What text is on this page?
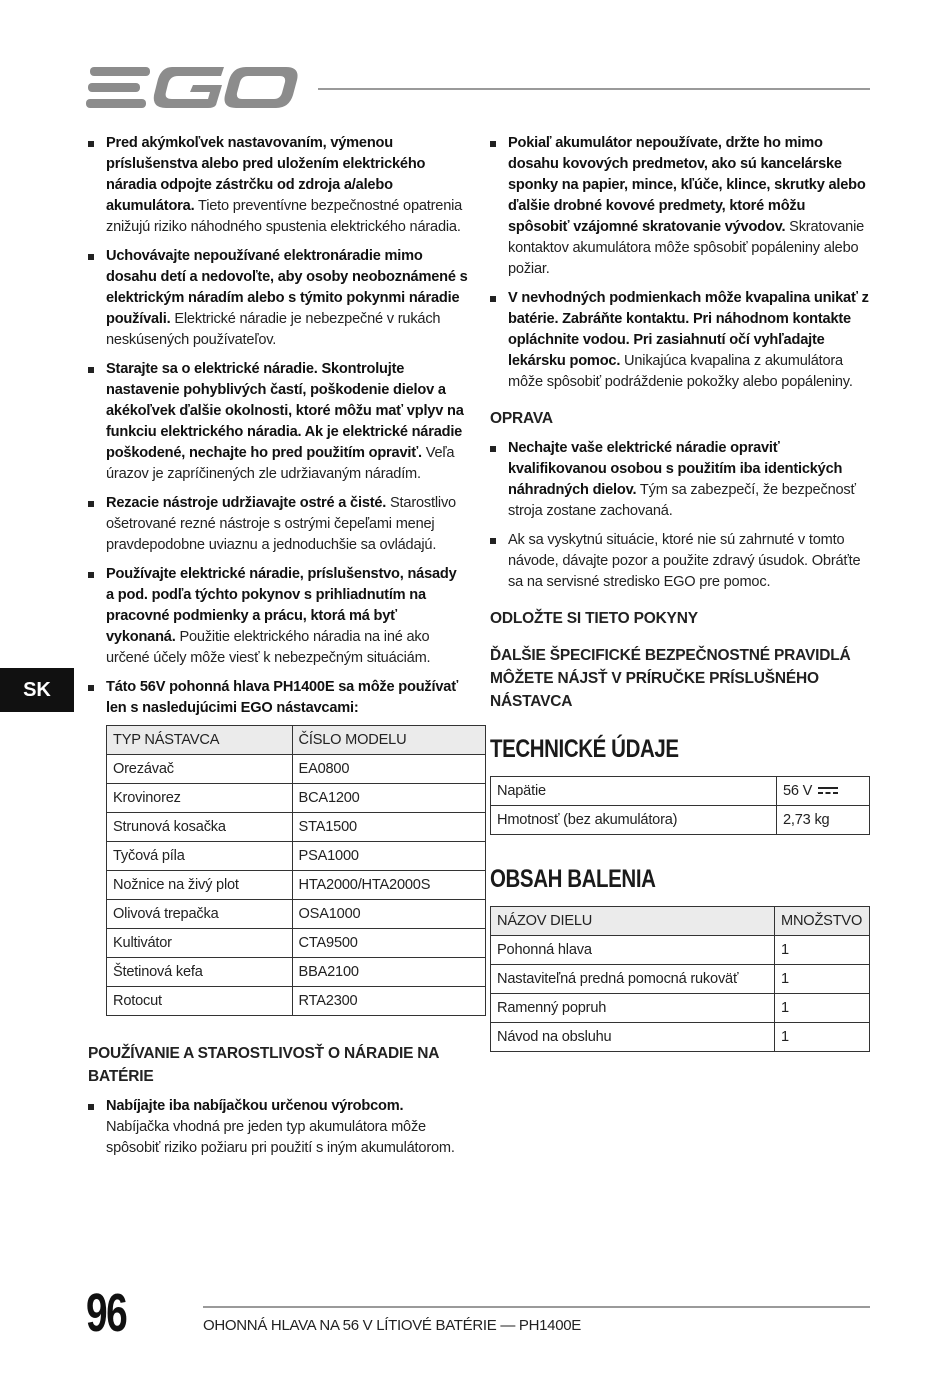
SK
Pred akýmkoľvek nastavovaním, výmenou príslušenstva alebo pred uložením elektrického náradia odpojte zástrčku od zdroja a/alebo akumulátora. Tieto preventívne bezpečnostné opatrenia znižujú riziko náhodného spustenia elektrického náradia.
Uchovávajte nepoužívané elektronáradie mimo dosahu detí a nedovoľte, aby osoby neoboznámené s elektrickým náradím alebo s týmito pokynmi náradie používali. Elektrické náradie je nebezpečné v rukách neskúsených používateľov.
Starajte sa o elektrické náradie. Skontrolujte nastavenie pohyblivých častí, poškodenie dielov a akékoľvek ďalšie okolnosti, ktoré môžu mať vplyv na funkciu elektrického náradia. Ak je elektrické náradie poškodené, nechajte ho pred použitím opraviť. Veľa úrazov je zapríčinených zle udržiavaným náradím.
Rezacie nástroje udržiavajte ostré a čisté. Starostlivo ošetrované rezné nástroje s ostrými čepeľami menej pravdepodobne uviaznu a jednoduchšie sa ovládajú.
Používajte elektrické náradie, príslušenstvo, násady a pod. podľa týchto pokynov s prihliadnutím na pracovné podmienky a prácu, ktorá má byť vykonaná. Použitie elektrického náradia na iné ako určené účely môže viesť k nebezpečným situáciám.
Táto 56V pohonná hlava PH1400E sa môže používať len s nasledujúcimi EGO nástavcami:
TYP NÁSTAVCA	ČÍSLO MODELU
Orezávač	EA0800
Krovinorez	BCA1200
Strunová kosačka	STA1500
Tyčová píla	PSA1000
Nožnice na živý plot	HTA2000/HTA2000S
Olivová trepačka	OSA1000
Kultivátor	CTA9500
Štetinová kefa	BBA2100
Rotocut	RTA2300
POUŽÍVANIE A STAROSTLIVOSŤ O NÁRADIE NA BATÉRIE
Nabíjajte iba nabíjačkou určenou výrobcom. Nabíjačka vhodná pre jeden typ akumulátora môže spôsobiť riziko požiaru pri použití s iným akumulátorom.
Pokiaľ akumulátor nepoužívate, držte ho mimo dosahu kovových predmetov, ako sú kancelárske sponky na papier, mince, kľúče, klince, skrutky alebo ďalšie drobné kovové predmety, ktoré môžu spôsobiť vzájomné skratovanie vývodov. Skratovanie kontaktov akumulátora môže spôsobiť popáleniny alebo požiar.
V nevhodných podmienkach môže kvapalina unikať z batérie. Zabráňte kontaktu. Pri náhodnom kontakte opláchnite vodou. Pri zasiahnutí očí vyhľadajte lekársku pomoc. Unikajúca kvapalina z akumulátora môže spôsobiť podráždenie pokožky alebo popáleniny.
OPRAVA
Nechajte vaše elektrické náradie opraviť kvalifikovanou osobou s použitím iba identických náhradných dielov. Tým sa zabezpečí, že bezpečnosť stroja zostane zachovaná.
Ak sa vyskytnú situácie, ktoré nie sú zahrnuté v tomto návode, dávajte pozor a použite zdravý úsudok. Obráťte sa na servisné stredisko EGO pre pomoc.
ODLOŽTE SI TIETO POKYNY
ĎALŠIE ŠPECIFICKÉ BEZPEČNOSTNÉ PRAVIDLÁ MÔŽETE NÁJSŤ V PRÍRUČKE PRÍSLUŠNÉHO NÁSTAVCA
TECHNICKÉ ÚDAJE
Napätie	56 V
Hmotnosť (bez akumulátora)	2,73 kg
OBSAH BALENIA
NÁZOV DIELU	MNOŽSTVO
Pohonná hlava	1
Nastaviteľná predná pomocná rukoväť	1
Ramenný popruh	1
Návod na obsluhu	1
96	OHONNÁ HLAVA NA 56 V LÍTIOVÉ BATÉRIE — PH1400E
